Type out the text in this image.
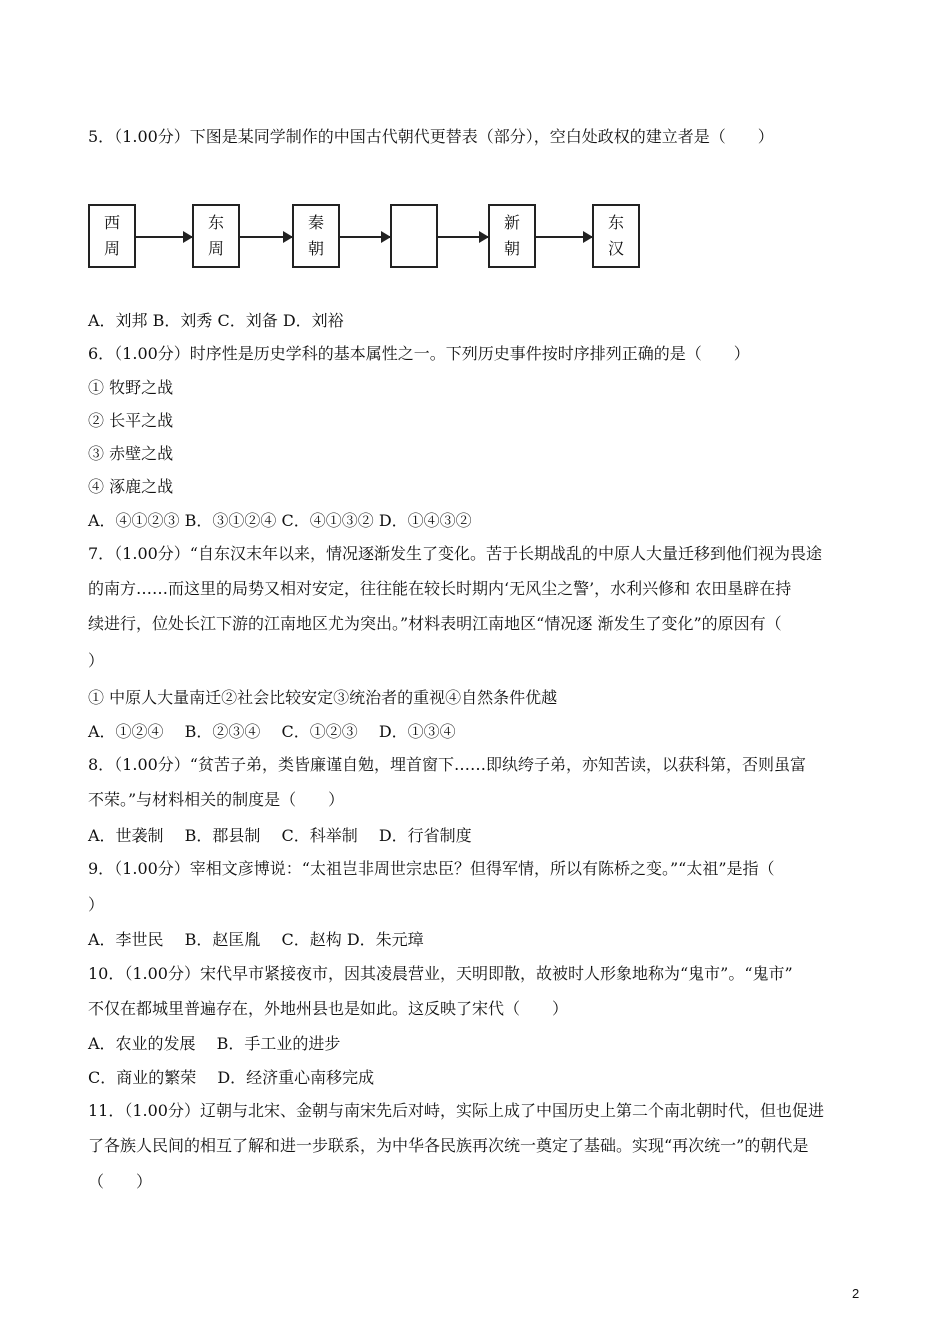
5．（1.00分）下图是某同学制作的中国古代朝代更替表（部分），空白处政权的建立者是（　　）
西
周
东
周
秦
朝
新
朝
东
汉
A．刘邦 B．刘秀 C．刘备 D．刘裕
6．（1.00分）时序性是历史学科的基本属性之一。下列历史事件按时序排列正确的是（　　）
① 牧野之战
② 长平之战
③ 赤壁之战
④ 涿鹿之战
A．④①②③ B．③①②④ C．④①③② D．①④③②
7．（1.00分）“自东汉末年以来，情况逐渐发生了变化。苦于长期战乱的中原人大量迁移到他们视为畏途
的南方……而这里的局势又相对安定，往往能在较长时期内‘无风尘之警’，水利兴修和 农田垦辟在持
续进行，位处长江下游的江南地区尤为突出。”材料表明江南地区“情况逐 渐发生了变化”的原因有（
）
① 中原人大量南迁②社会比较安定③统治者的重视④自然条件优越
A．①②④　 B．②③④　 C．①②③　 D．①③④
8．（1.00分）“贫苦子弟，类皆廉谨自勉，埋首窗下……即纨绔子弟，亦知苦读，以获科第，否则虽富
不荣。”与材料相关的制度是（　　）
A．世袭制　 B．郡县制　 C．科举制　 D．行省制度
9．（1.00分）宰相文彦博说：“太祖岂非周世宗忠臣？但得军情，所以有陈桥之变。”“太祖”是指（
）
A．李世民　 B．赵匡胤　 C．赵构 D．朱元璋
10．（1.00分）宋代早市紧接夜市，因其凌晨营业，天明即散，故被时人形象地称为“鬼市”。“鬼市”
不仅在都城里普遍存在，外地州县也是如此。这反映了宋代（　　）
A．农业的发展　 B．手工业的进步
C．商业的繁荣　 D．经济重心南移完成
11．（1.00分）辽朝与北宋、金朝与南宋先后对峙，实际上成了中国历史上第二个南北朝时代，但也促进
了各族人民间的相互了解和进一步联系，为中华各民族再次统一奠定了基础。实现“再次统一”的朝代是
（　　）
2
